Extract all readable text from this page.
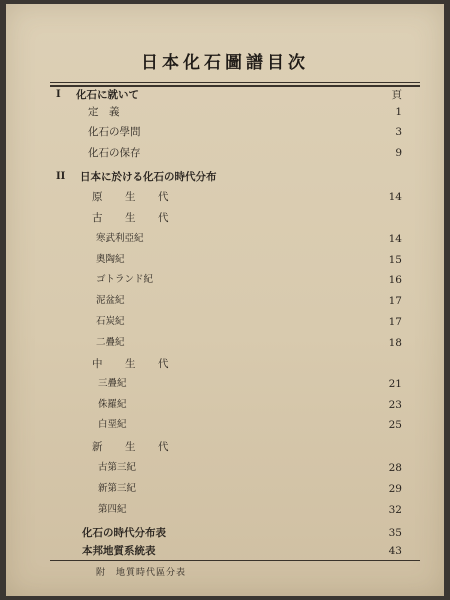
日本化石圖譜目次
I 化石に就いて	頁
定　義	1
化石の學問	3
化石の保存	9
II 日本に於ける化石の時代分布
原　生　代	14
古　生　代
寒武利亞紀	14
奧陶紀	15
ゴトランド紀	16
泥盆紀	17
石炭紀	17
二疊紀	18
中　生　代
三疊紀	21
侏羅紀	23
白堊紀	25
新　生　代
古第三紀	28
新第三紀	29
第四紀	32
化石の時代分布表	35
本邦地質系統表	43
附　地質時代區分表
